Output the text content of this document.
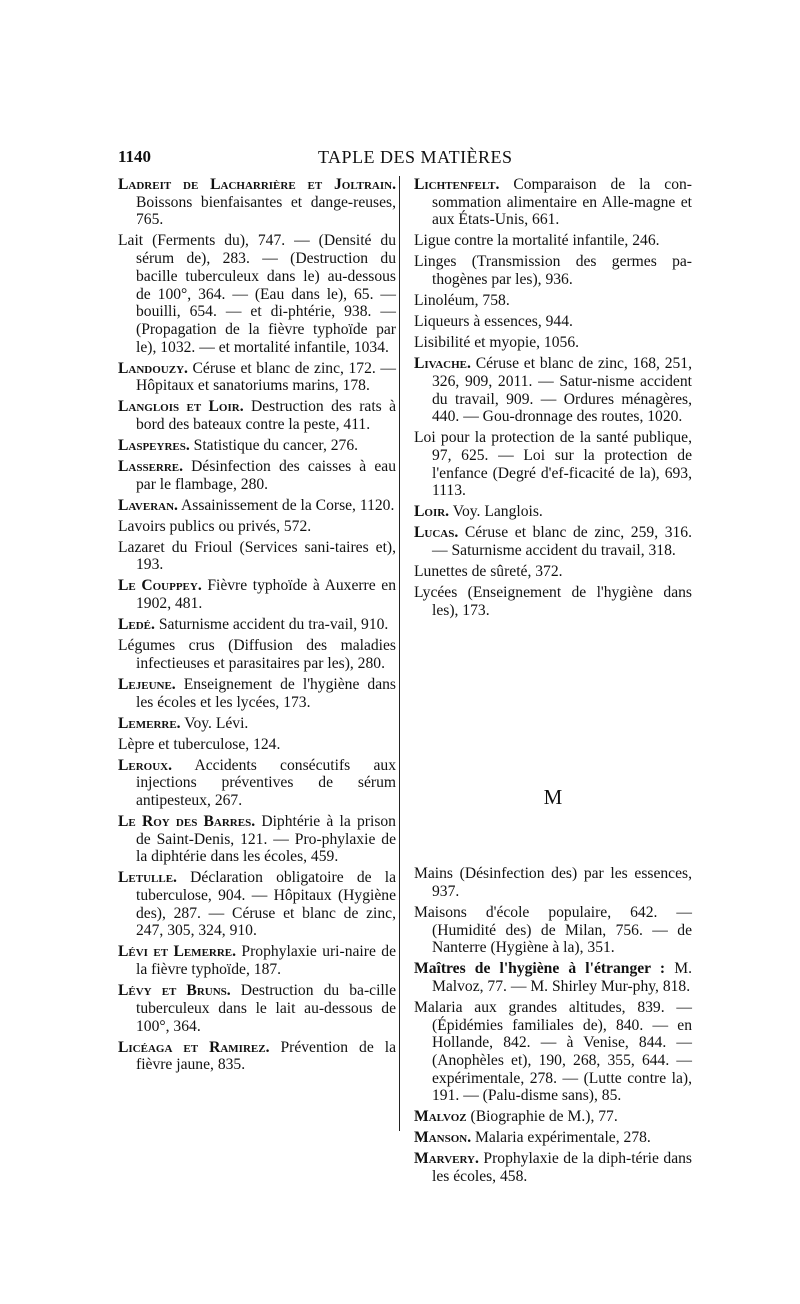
1140	TAPLE DES MATIÈRES

Ladreit de Lacharrière et Joltrain. Boissons bienfaisantes et dange-reuses, 765.

Lait (Ferments du), 747. — (Densité du sérum de), 283. — (Destruction du bacille tuberculeux dans le) au-dessous de 100°, 364. — (Eau dans le), 65. — bouilli, 654. — et di-phtérie, 938. — (Propagation de la fièvre typhoïde par le), 1032. — et mortalité infantile, 1034.

Landouzy. Céruse et blanc de zinc, 172. — Hôpitaux et sanatoriums marins, 178.

Langlois et Loir. Destruction des rats à bord des bateaux contre la peste, 411.

Laspeyres. Statistique du cancer, 276.

Lasserre. Désinfection des caisses à eau par le flambage, 280.

Laveran. Assainissement de la Corse, 1120.

Lavoirs publics ou privés, 572.

Lazaret du Frioul (Services sani-taires et), 193.

Le Couppey. Fièvre typhoïde à Auxerre en 1902, 481.

Ledé. Saturnisme accident du tra-vail, 910.

Légumes crus (Diffusion des maladies infectieuses et parasitaires par les), 280.

Lejeune. Enseignement de l'hygiène dans les écoles et les lycées, 173.

Lemerre. Voy. Lévi.

Lèpre et tuberculose, 124.

Leroux. Accidents consécutifs aux injections préventives de sérum antipesteux, 267.

Le Roy des Barres. Diphtérie à la prison de Saint-Denis, 121. — Pro-phylaxie de la diphtérie dans les écoles, 459.

Letulle. Déclaration obligatoire de la tuberculose, 904. — Hôpitaux (Hygiène des), 287. — Céruse et blanc de zinc, 247, 305, 324, 910.

Lévi et Lemerre. Prophylaxie uri-naire de la fièvre typhoïde, 187.

Lévy et Bruns. Destruction du ba-cille tuberculeux dans le lait au-dessous de 100°, 364.

Licéaga et Ramirez. Prévention de la fièvre jaune, 835.

Lichtenfelt. Comparaison de la con-sommation alimentaire en Alle-magne et aux États-Unis, 661.

Ligue contre la mortalité infantile, 246.

Linges (Transmission des germes pa-thogènes par les), 936.

Linoléum, 758.

Liqueurs à essences, 944.

Lisibilité et myopie, 1056.

Livache. Céruse et blanc de zinc, 168, 251, 326, 909, 2011. — Satur-nisme accident du travail, 909. — Ordures ménagères, 440. — Gou-dronnage des routes, 1020.

Loi pour la protection de la santé publique, 97, 625. — Loi sur la protection de l'enfance (Degré d'ef-ficacité de la), 693, 1113.

Loir. Voy. Langlois.

Lucas. Céruse et blanc de zinc, 259, 316. — Saturnisme accident du travail, 318.

Lunettes de sûreté, 372.

Lycées (Enseignement de l'hygiène dans les), 173.

M

Mains (Désinfection des) par les essences, 937.

Maisons d'école populaire, 642. — (Humidité des) de Milan, 756. — de Nanterre (Hygiène à la), 351.

Maîtres de l'hygiène à l'étranger : M. Malvoz, 77. — M. Shirley Mur-phy, 818.

Malaria aux grandes altitudes, 839. — (Épidémies familiales de), 840. — en Hollande, 842. — à Venise, 844. — (Anophèles et), 190, 268, 355, 644. — expérimentale, 278. — (Lutte contre la), 191. — (Palu-disme sans), 85.

Malvoz (Biographie de M.), 77.

Manson. Malaria expérimentale, 278.

Marvery. Prophylaxie de la diph-térie dans les écoles, 458.
